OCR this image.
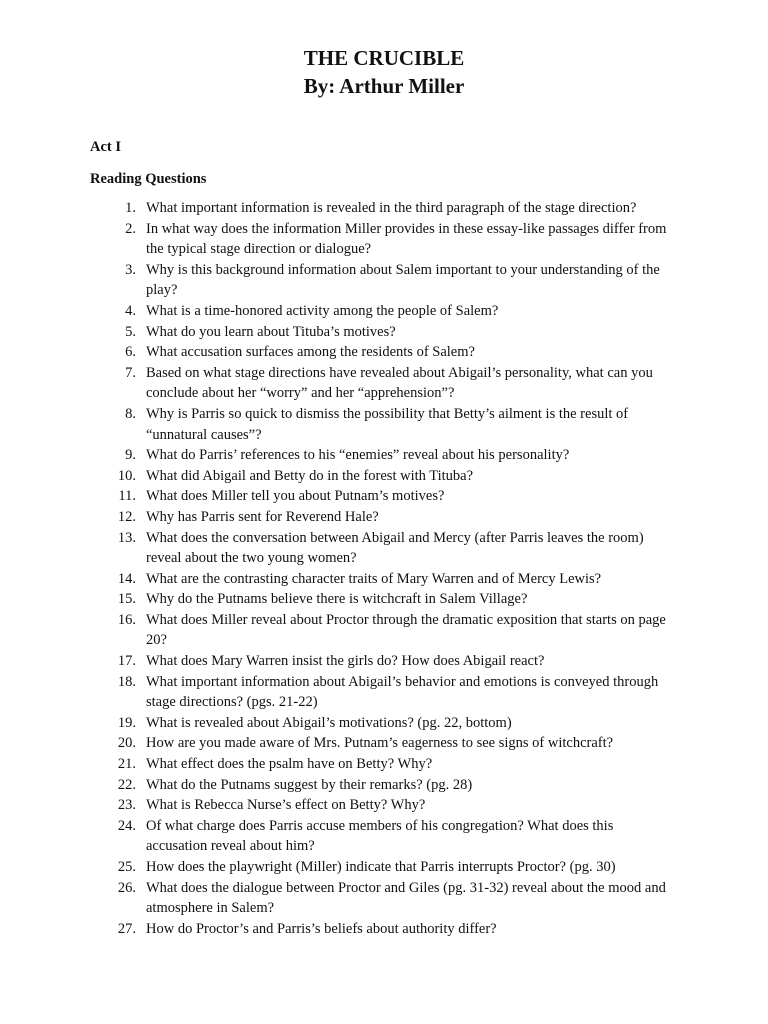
THE CRUCIBLE
By: Arthur Miller
Act I
Reading Questions
1. What important information is revealed in the third paragraph of the stage direction?
2. In what way does the information Miller provides in these essay-like passages differ from the typical stage direction or dialogue?
3. Why is this background information about Salem important to your understanding of the play?
4. What is a time-honored activity among the people of Salem?
5. What do you learn about Tituba’s motives?
6. What accusation surfaces among the residents of Salem?
7. Based on what stage directions have revealed about Abigail’s personality, what can you conclude about her “worry” and her “apprehension”?
8. Why is Parris so quick to dismiss the possibility that Betty’s ailment is the result of “unnatural causes”?
9. What do Parris’ references to his “enemies” reveal about his personality?
10. What did Abigail and Betty do in the forest with Tituba?
11. What does Miller tell you about Putnam’s motives?
12. Why has Parris sent for Reverend Hale?
13. What does the conversation between Abigail and Mercy (after Parris leaves the room) reveal about the two young women?
14. What are the contrasting character traits of Mary Warren and of Mercy Lewis?
15. Why do the Putnams believe there is witchcraft in Salem Village?
16. What does Miller reveal about Proctor through the dramatic exposition that starts on page 20?
17. What does Mary Warren insist the girls do? How does Abigail react?
18. What important information about Abigail’s behavior and emotions is conveyed through stage directions? (pgs. 21-22)
19. What is revealed about Abigail’s motivations? (pg. 22, bottom)
20. How are you made aware of Mrs. Putnam’s eagerness to see signs of witchcraft?
21. What effect does the psalm have on Betty? Why?
22. What do the Putnams suggest by their remarks? (pg. 28)
23. What is Rebecca Nurse’s effect on Betty? Why?
24. Of what charge does Parris accuse members of his congregation? What does this accusation reveal about him?
25. How does the playwright (Miller) indicate that Parris interrupts Proctor? (pg. 30)
26. What does the dialogue between Proctor and Giles (pg. 31-32) reveal about the mood and atmosphere in Salem?
27. How do Proctor’s and Parris’s beliefs about authority differ?
